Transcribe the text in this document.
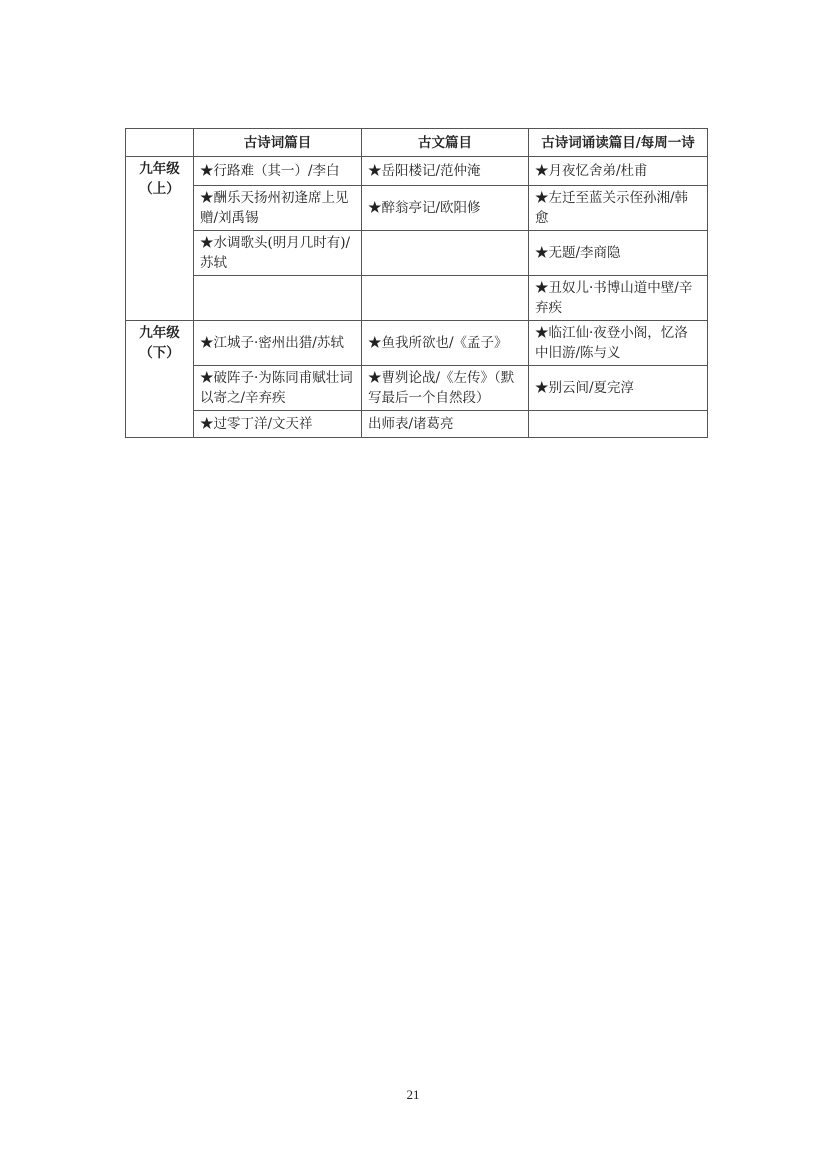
	古诗词篇目	古文篇目	古诗词诵读篇目/每周一诗

九年级
（上）	★行路难（其一）/李白	★岳阳楼记/范仲淹	★月夜忆舍弟/杜甫
	★酬乐天扬州初逢席上见赠/刘禹锡	★醉翁亭记/欧阳修	★左迁至蓝关示侄孙湘/韩愈
	★水调歌头(明月几时有)/苏轼		★无题/李商隐
			★丑奴儿·书博山道中壁/辛弃疾

九年级
（下）	★江城子·密州出猎/苏轼	★鱼我所欲也/《孟子》	★临江仙·夜登小阁，忆洛中旧游/陈与义
	★破阵子·为陈同甫赋壮词以寄之/辛弃疾	★曹刿论战/《左传》（默写最后一个自然段）	★别云间/夏完淳
	★过零丁洋/文天祥	出师表/诸葛亮	
21
